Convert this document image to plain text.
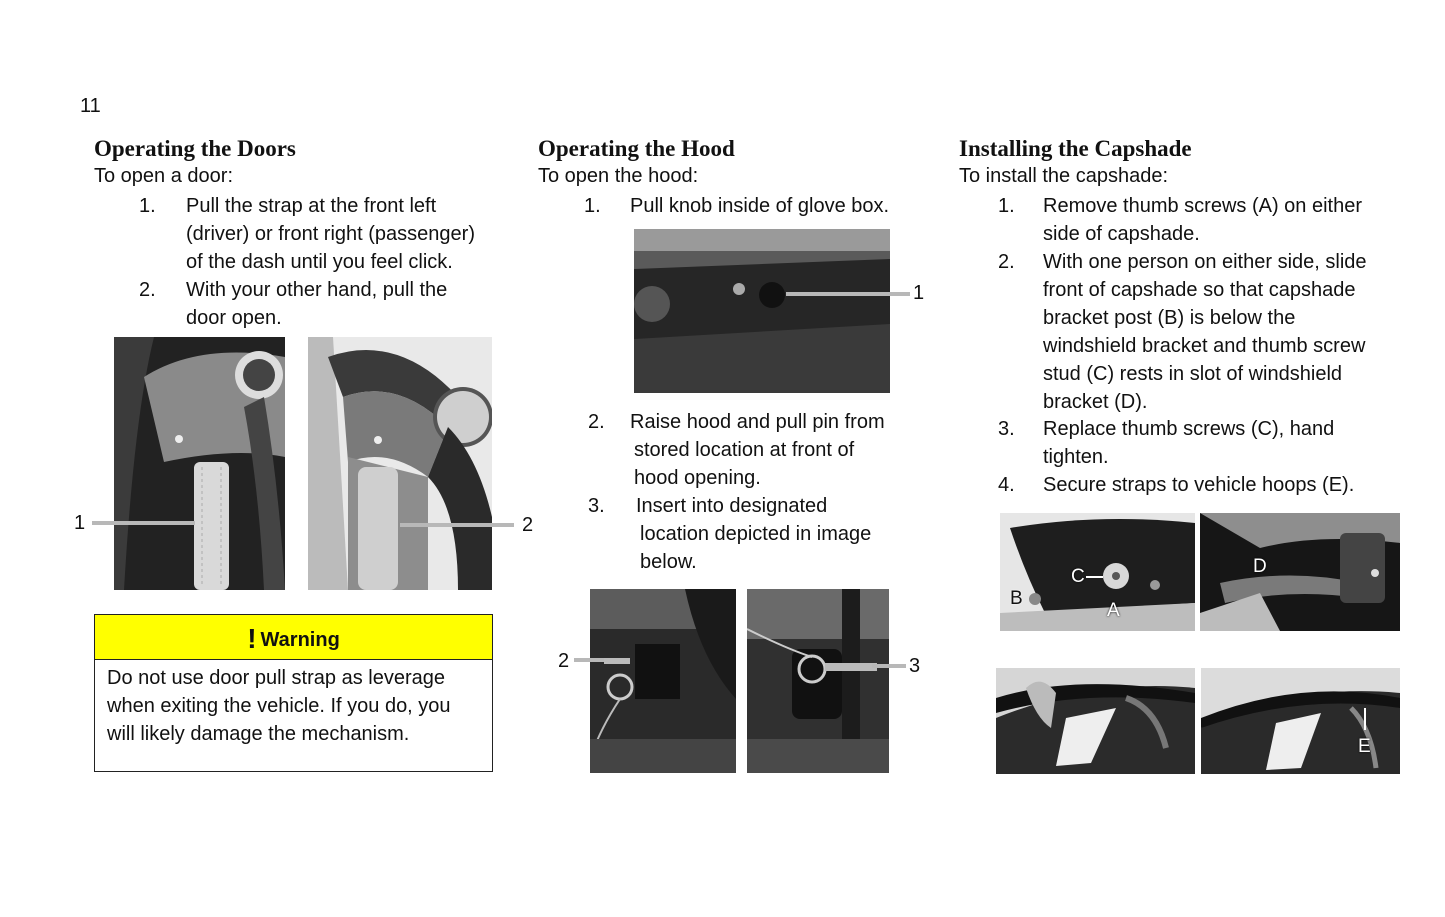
11
Operating the Doors
To open a door:
1. Pull the strap at the front left
(driver) or front right (passenger)
of the dash until you feel click.
2. With your other hand, pull the
door open.
1	2
! Warning
Do not use door pull strap as leverage
when exiting the vehicle. If you do, you
will likely damage the mechanism.
Operating the Hood
To open the hood:
1. Pull knob inside of glove box.
1
2. Raise hood and pull pin from
stored location at front of
hood opening.
3. Insert into designated
location depicted in image
below.
2	3
Installing the Capshade
To install the capshade:
1. Remove thumb screws (A) on either
side of capshade.
2. With one person on either side, slide
front of capshade so that capshade
bracket post (B) is below the
windshield bracket and thumb screw
stud (C) rests in slot of windshield
bracket (D).
3. Replace thumb screws (C), hand
tighten.
4. Secure straps to vehicle hoops (E).
C
A
B
D
E
